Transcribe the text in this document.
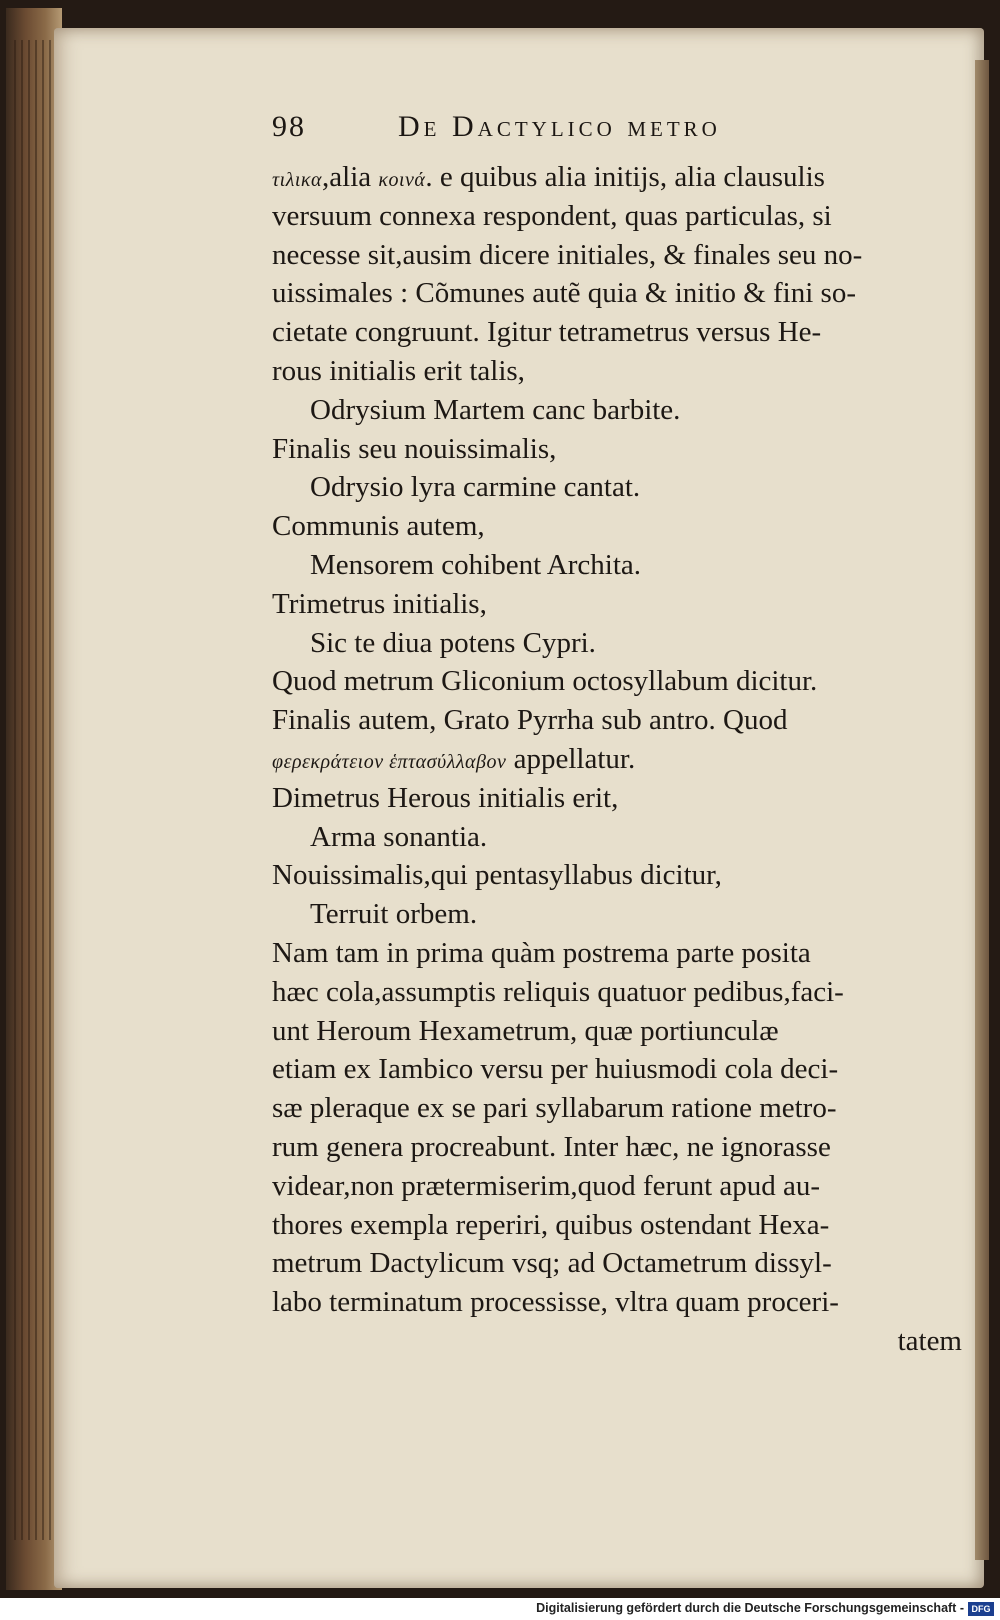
98	De Dactylico metro
τιλικα,alia κοινά. e quibus alia initijs, alia clausulis
versuum connexa respondent, quas particulas, si
necesse sit,ausim dicere initiales, & finales seu no-
uissimales : Cõmunes autẽ quia & initio & fini so-
cietate congruunt. Igitur tetrametrus versus He-
rous initialis erit talis,
Odrysium Martem canc barbite.
Finalis seu nouissimalis,
Odrysio lyra carmine cantat.
Communis autem,
Mensorem cohibent Archita.
Trimetrus initialis,
Sic te diua potens Cypri.
Quod metrum Gliconium octosyllabum dicitur.
Finalis autem, Grato Pyrrha sub antro. Quod
φερεκράτειον ἑπτασύλλαβον appellatur.
Dimetrus Herous initialis erit,
Arma sonantia.
Nouissimalis,qui pentasyllabus dicitur,
Terruit orbem.
Nam tam in prima quàm postrema parte posita
hæc cola,assumptis reliquis quatuor pedibus,faci-
unt Heroum Hexametrum, quæ portiunculæ
etiam ex Iambico versu per huiusmodi cola deci-
sæ pleraque ex se pari syllabarum ratione metro-
rum genera procreabunt. Inter hæc, ne ignorasse
videar,non prætermiserim,quod ferunt apud au-
thores exempla reperiri, quibus ostendant Hexa-
metrum Dactylicum vsq; ad Octametrum dissyl-
labo terminatum processisse, vltra quam proceri-
tatem
Digitalisierung gefördert durch die Deutsche Forschungsgemeinschaft - DFG
